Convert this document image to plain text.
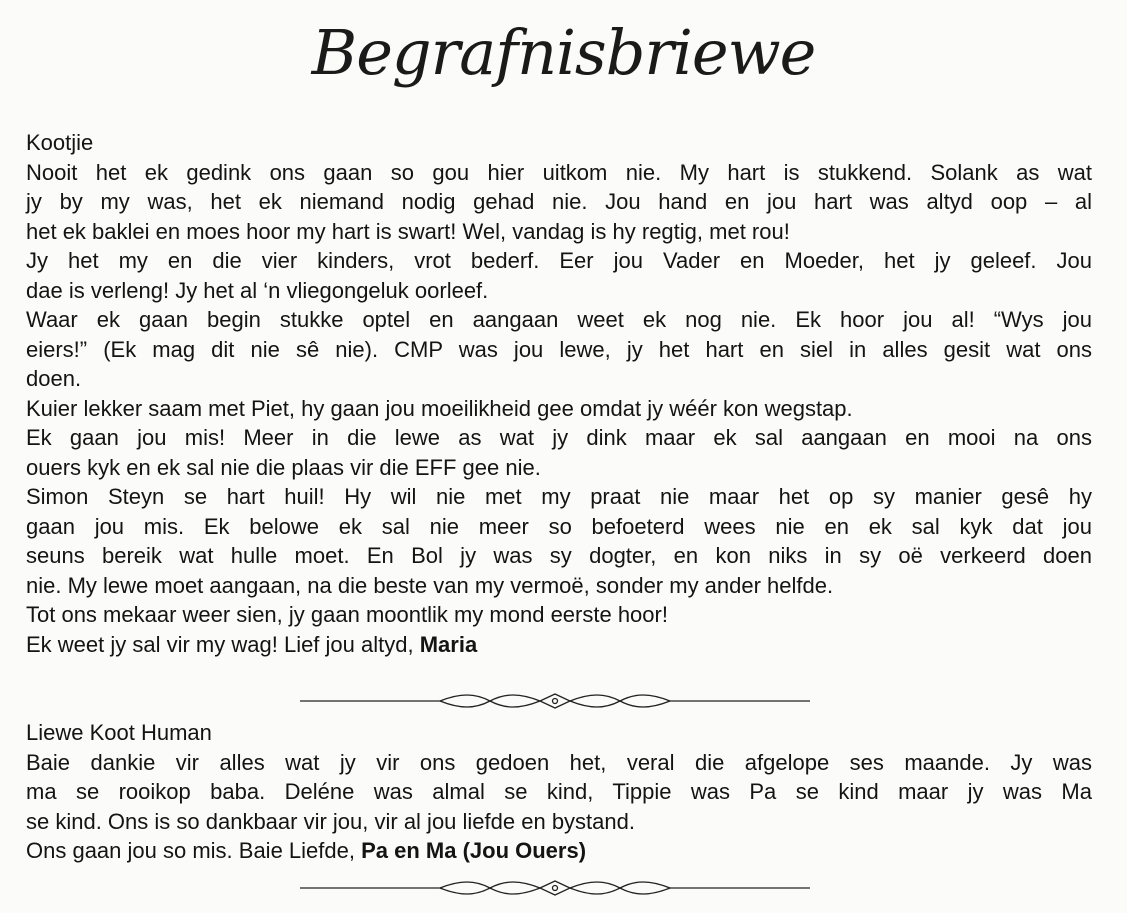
Begrafnisbriewe
Kootjie
Nooit het ek gedink ons gaan so gou hier uitkom nie. My hart is stukkend. Solank as wat
jy by my was, het ek niemand nodig gehad nie. Jou hand en jou hart was altyd oop – al
het ek baklei en moes hoor my hart is swart! Wel, vandag is hy regtig, met rou!
Jy het my en die vier kinders, vrot bederf. Eer jou Vader en Moeder, het jy geleef. Jou
dae is verleng! Jy het al ‘n vliegongeluk oorleef.
Waar ek gaan begin stukke optel en aangaan weet ek nog nie. Ek hoor jou al! “Wys jou
eiers!” (Ek mag dit nie sê nie). CMP was jou lewe, jy het hart en siel in alles gesit wat ons
doen.
Kuier lekker saam met Piet, hy gaan jou moeilikheid gee omdat jy wéér kon wegstap.
Ek gaan jou mis! Meer in die lewe as wat jy dink maar ek sal aangaan en mooi na ons
ouers kyk en ek sal nie die plaas vir die EFF gee nie.
Simon Steyn se hart huil! Hy wil nie met my praat nie maar het op sy manier gesê hy
gaan jou mis. Ek belowe ek sal nie meer so befoeterd wees nie en ek sal kyk dat jou
seuns bereik wat hulle moet. En Bol jy was sy dogter, en kon niks in sy oë verkeerd doen
nie. My lewe moet aangaan, na die beste van my vermoë, sonder my ander helfde.
Tot ons mekaar weer sien, jy gaan moontlik my mond eerste hoor!
Ek weet jy sal vir my wag! Lief jou altyd, Maria
Liewe Koot Human
Baie dankie vir alles wat jy vir ons gedoen het, veral die afgelope ses maande. Jy was
ma se rooikop baba. Deléne was almal se kind, Tippie was Pa se kind maar jy was Ma
se kind. Ons is so dankbaar vir jou, vir al jou liefde en bystand.
Ons gaan jou so mis. Baie Liefde, Pa en Ma (Jou Ouers)
